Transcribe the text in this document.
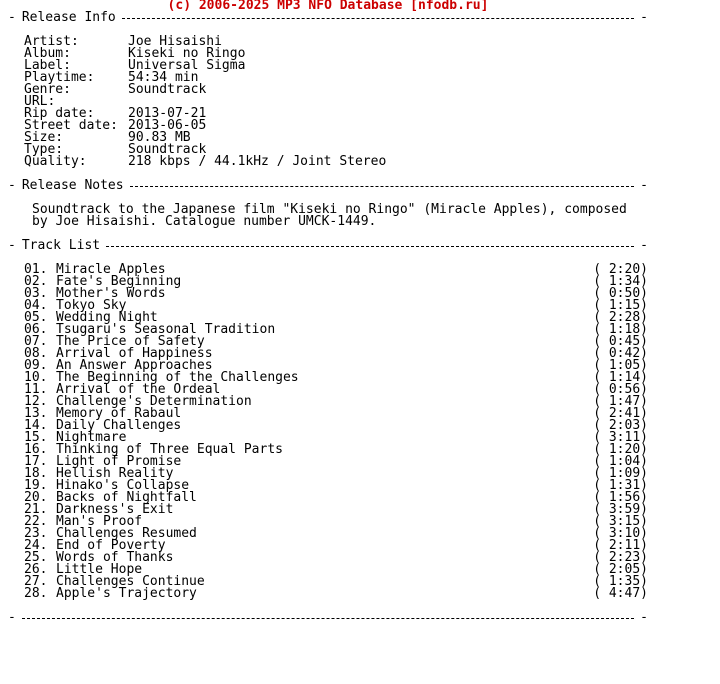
(c) 2006-2025 MP3 NFO Database [nfodb.ru]
- Release Info	-
Artist:	Joe Hisaishi
Album:	Kiseki no Ringo
Label:	Universal Sigma
Playtime:	54:34 min
Genre:	Soundtrack
URL:
Rip date:	2013-07-21
Street date: 2013-06-05
Size:	90.83 MB
Type:	Soundtrack
Quality:	218 kbps / 44.1kHz / Joint Stereo
- Release Notes	-
Soundtrack to the Japanese film "Kiseki no Ringo" (Miracle Apples), composed by Joe Hisaishi. Catalogue number UMCK-1449.
- Track List	-
01. Miracle Apples	( 2:20)
02. Fate's Beginning	( 1:34)
03. Mother's Words	( 0:50)
04. Tokyo Sky	( 1:15)
05. Wedding Night	( 2:28)
06. Tsugaru's Seasonal Tradition	( 1:18)
07. The Price of Safety	( 0:45)
08. Arrival of Happiness	( 0:42)
09. An Answer Approaches	( 1:05)
10. The Beginning of the Challenges	( 1:14)
11. Arrival of the Ordeal	( 0:56)
12. Challenge's Determination	( 1:47)
13. Memory of Rabaul	( 2:41)
14. Daily Challenges	( 2:03)
15. Nightmare	( 3:11)
16. Thinking of Three Equal Parts	( 1:20)
17. Light of Promise	( 1:04)
18. Hellish Reality	( 1:09)
19. Hinako's Collapse	( 1:31)
20. Backs of Nightfall	( 1:56)
21. Darkness's Exit	( 3:59)
22. Man's Proof	( 3:15)
23. Challenges Resumed	( 3:10)
24. End of Poverty	( 2:11)
25. Words of Thanks	( 2:23)
26. Little Hope	( 2:05)
27. Challenges Continue	( 1:35)
28. Apple's Trajectory	( 4:47)
-	-
